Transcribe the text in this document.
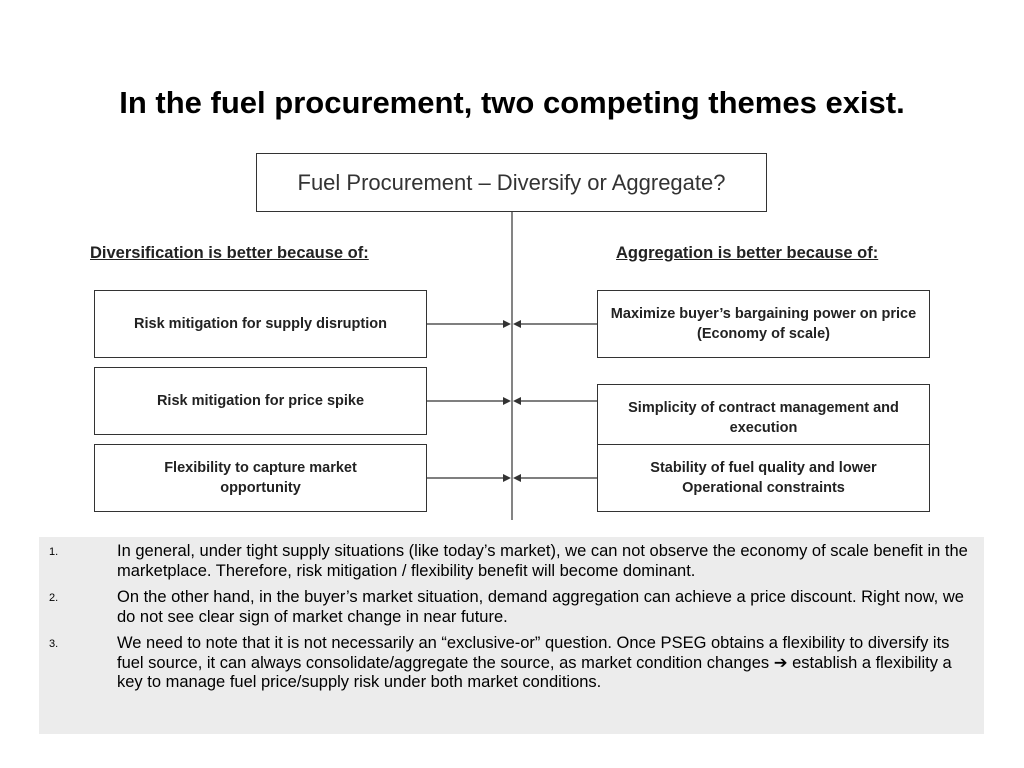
In the fuel procurement, two competing themes exist.
Fuel Procurement – Diversify or Aggregate?
Diversification is better because of:	Aggregation is better because of:
Risk mitigation for supply disruption
Risk mitigation for price spike
Flexibility to capture market opportunity
Maximize buyer’s bargaining power on price (Economy of scale)
Simplicity of contract management and execution
Stability of fuel quality and lower Operational constraints
1.	In general, under tight supply situations (like today’s market), we can not observe the economy of scale benefit in the marketplace. Therefore, risk mitigation / flexibility benefit will become dominant.
2.	On the other hand, in the buyer’s market situation, demand aggregation can achieve a price discount. Right now, we do not see clear sign of market change in near future.
3.	We need to note that it is not necessarily an “exclusive-or” question. Once PSEG obtains a flexibility to diversify its fuel source, it can always consolidate/aggregate the source, as market condition changes ➔ establish a flexibility a key to manage fuel price/supply risk under both market conditions.
